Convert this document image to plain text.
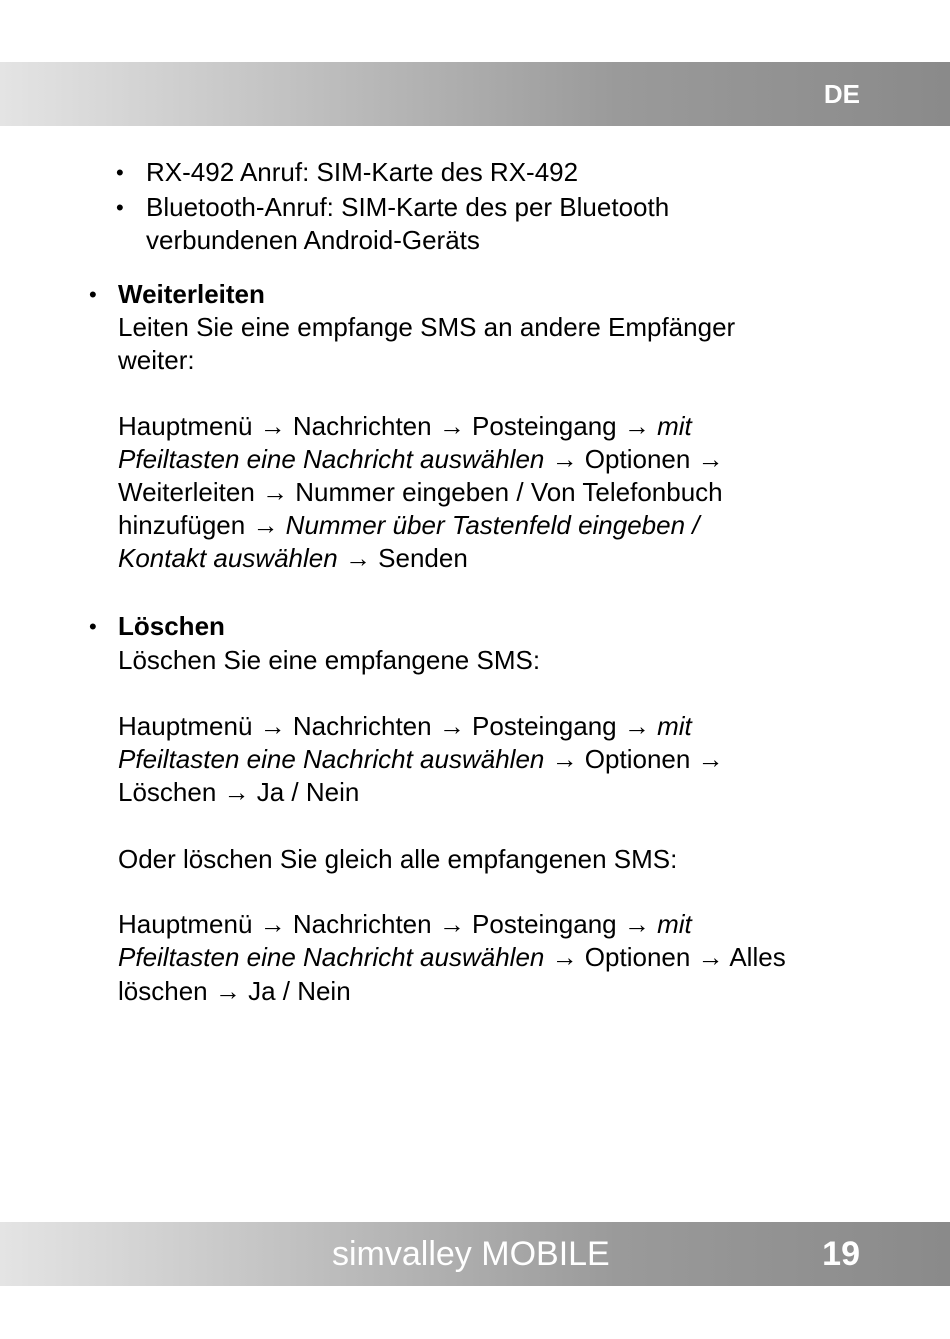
DE
• RX-492 Anruf: SIM-Karte des RX-492
• Bluetooth-Anruf: SIM-Karte des per Bluetooth
verbundenen Android-Geräts
• Weiterleiten
Leiten Sie eine empfange SMS an andere Empfänger
weiter:
Hauptmenü → Nachrichten → Posteingang → mit
Pfeiltasten eine Nachricht auswählen → Optionen →
Weiterleiten → Nummer eingeben / Von Telefonbuch
hinzufügen → Nummer über Tastenfeld eingeben /
Kontakt auswählen → Senden
• Löschen
Löschen Sie eine empfangene SMS:
Hauptmenü → Nachrichten → Posteingang → mit
Pfeiltasten eine Nachricht auswählen → Optionen →
Löschen → Ja / Nein
Oder löschen Sie gleich alle empfangenen SMS:
Hauptmenü → Nachrichten → Posteingang → mit
Pfeiltasten eine Nachricht auswählen → Optionen → Alles
löschen → Ja / Nein
simvalley MOBILE	19
